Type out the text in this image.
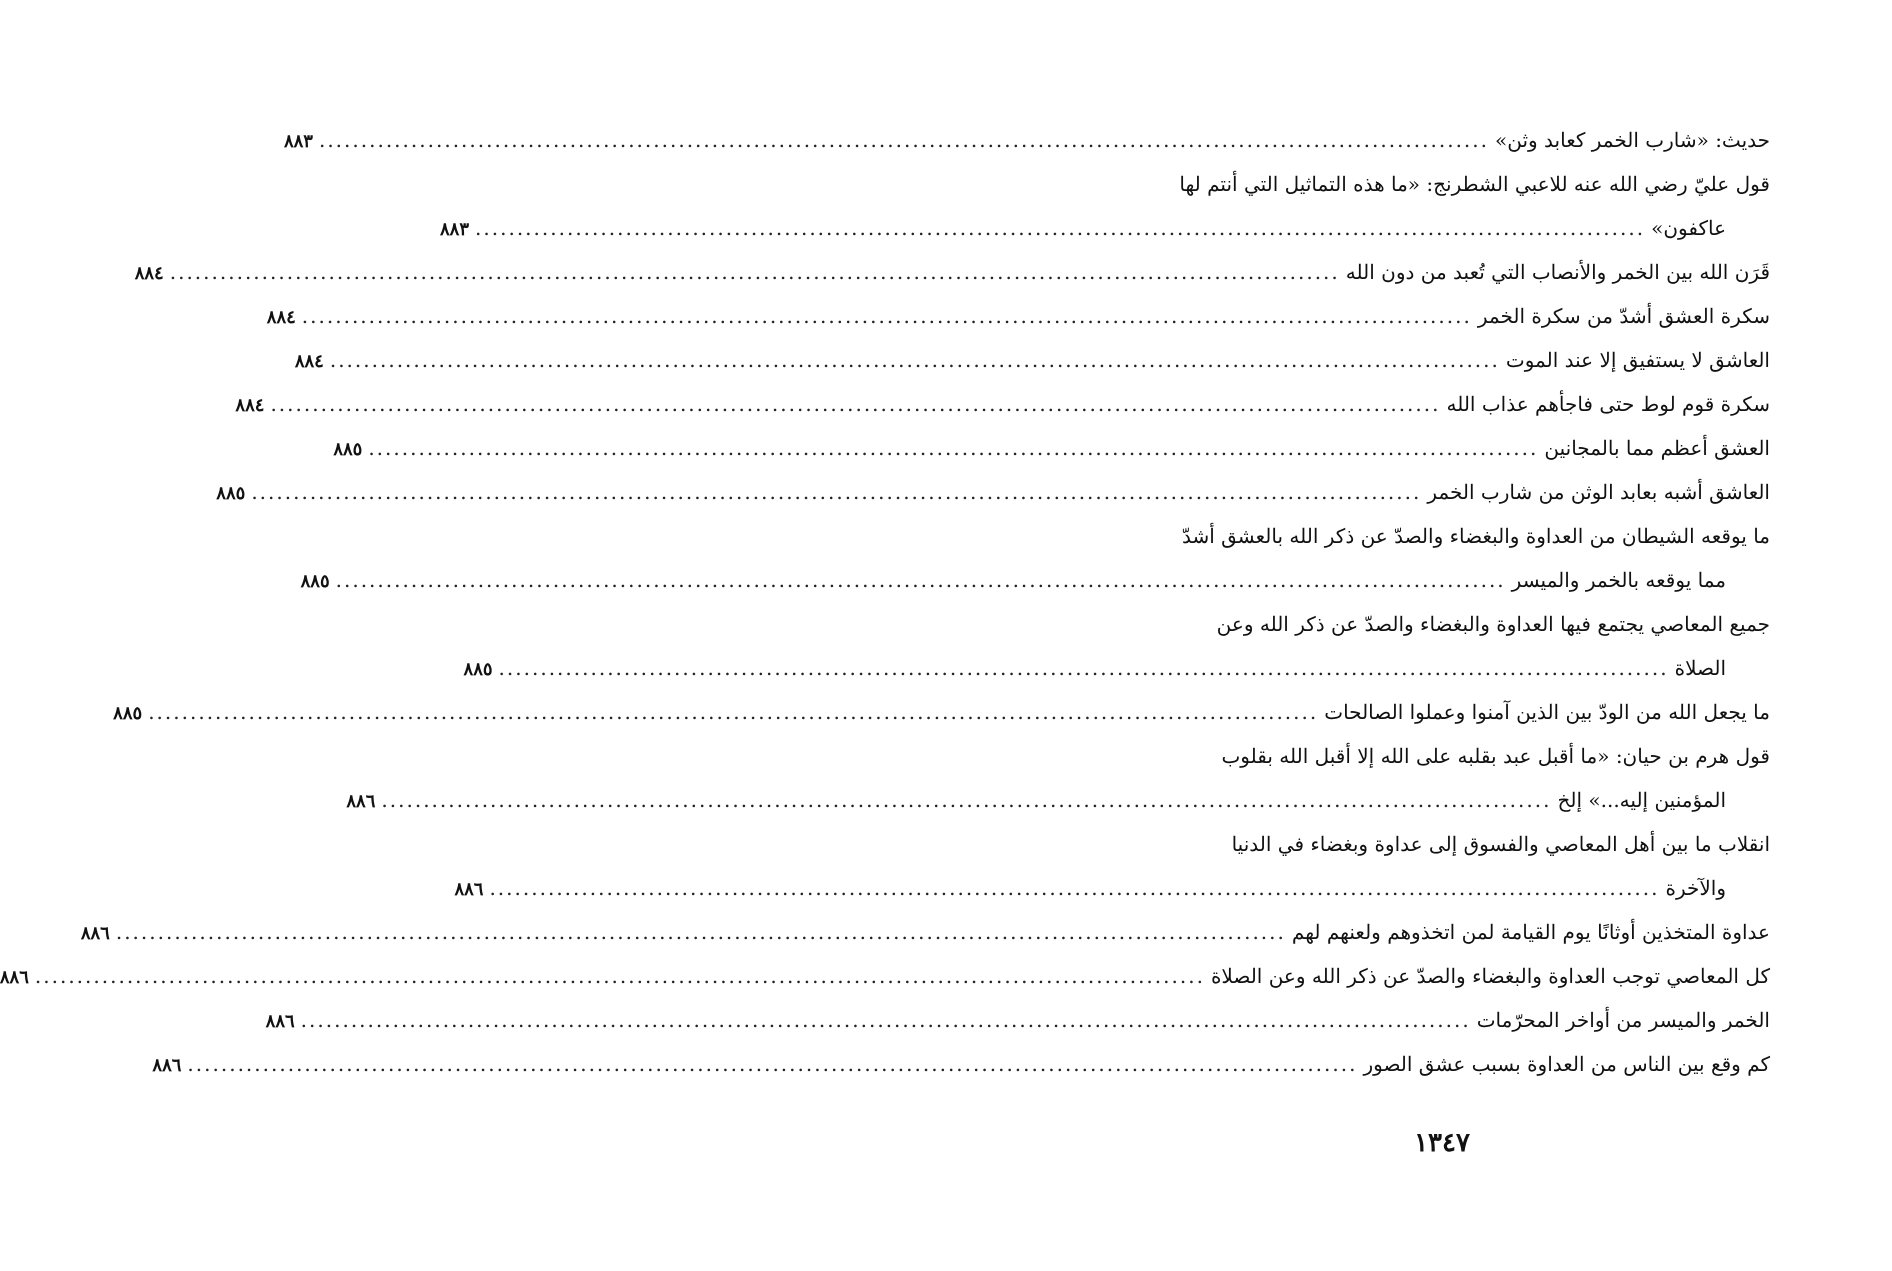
حديث: «شارب الخمر كعابد وثن»
............................................................................................................................................
٨٨٣
قول عليّ رضي الله عنه للاعبي الشطرنج: «ما هذه التماثيل التي أنتم لها
عاكفون»
............................................................................................................................................
٨٨٣
قَرَن الله بين الخمر والأنصاب التي تُعبد من دون الله
............................................................................................................................................
٨٨٤
سكرة العشق أشدّ من سكرة الخمر
............................................................................................................................................
٨٨٤
العاشق لا يستفيق إلا عند الموت
............................................................................................................................................
٨٨٤
سكرة قوم لوط حتى فاجأهم عذاب الله
............................................................................................................................................
٨٨٤
العشق أعظم مما بالمجانين
............................................................................................................................................
٨٨٥
العاشق أشبه بعابد الوثن من شارب الخمر
............................................................................................................................................
٨٨٥
ما يوقعه الشيطان من العداوة والبغضاء والصدّ عن ذكر الله بالعشق أشدّ
مما يوقعه بالخمر والميسر
............................................................................................................................................
٨٨٥
جميع المعاصي يجتمع فيها العداوة والبغضاء والصدّ عن ذكر الله وعن
الصلاة
............................................................................................................................................
٨٨٥
ما يجعل الله من الودّ بين الذين آمنوا وعملوا الصالحات
............................................................................................................................................
٨٨٥
قول هرم بن حيان: «ما أقبل عبد بقلبه على الله إلا أقبل الله بقلوب
المؤمنين إليه...» إلخ
............................................................................................................................................
٨٨٦
انقلاب ما بين أهل المعاصي والفسوق إلى عداوة وبغضاء في الدنيا
والآخرة
............................................................................................................................................
٨٨٦
عداوة المتخذين أوثانًا يوم القيامة لمن اتخذوهم ولعنهم لهم
............................................................................................................................................
٨٨٦
كل المعاصي توجب العداوة والبغضاء والصدّ عن ذكر الله وعن الصلاة
............................................................................................................................................
٨٨٦
الخمر والميسر من أواخر المحرّمات
............................................................................................................................................
٨٨٦
كم وقع بين الناس من العداوة بسبب عشق الصور
............................................................................................................................................
٨٨٦
١٣٤٧
